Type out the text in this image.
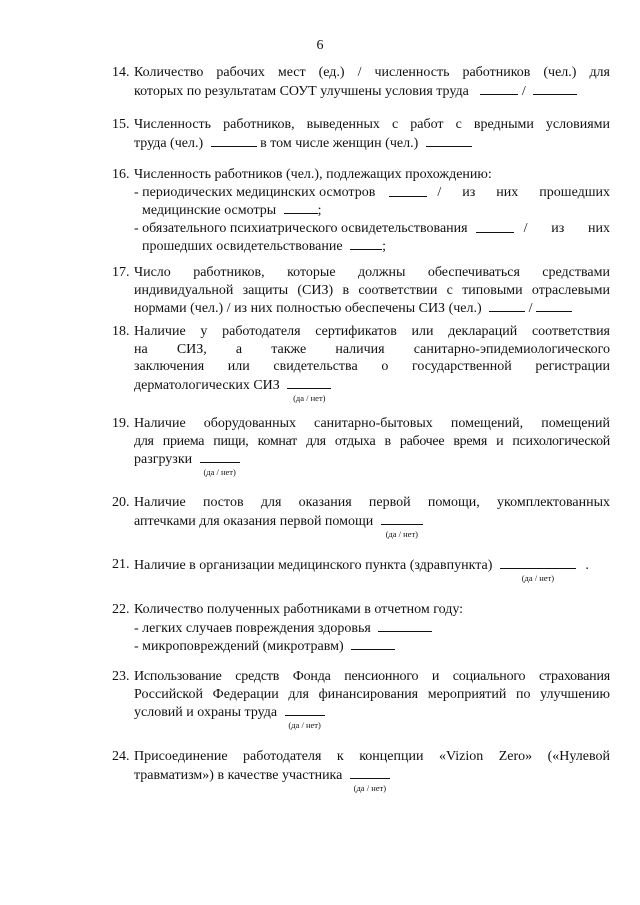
6
14. Количество рабочих мест (ед.) / численность работников (чел.) для
которых по результатам СОУТ улучшены условия труда	/
15. Численность работников, выведенных с работ с вредными условиями
труда (чел.)	в том числе женщин (чел.)
16. Численность работников (чел.), подлежащих прохождению:
- периодических медицинских осмотров	/ из них прошедших
медицинские осмотры	;
- обязательного психиатрического освидетельствования	/ из них
прошедших освидетельствование	;
17. Число работников, которые должны обеспечиваться средствами
индивидуальной защиты (СИЗ) в соответствии с типовыми отраслевыми
нормами (чел.) / из них полностью обеспечены СИЗ (чел.)	/
18. Наличие у работодателя сертификатов или деклараций соответствия
на СИЗ, а также наличия санитарно-эпидемиологического
заключения или свидетельства о государственной регистрации
дерматологических СИЗ
(да / нет)
19. Наличие оборудованных санитарно-бытовых помещений, помещений
для приема пищи, комнат для отдыха в рабочее время и психологической
разгрузки
(да / нет)
20. Наличие постов для оказания первой помощи, укомплектованных
аптечками для оказания первой помощи
(да / нет)
21. Наличие в организации медицинского пункта (здравпункта)
(да / нет)
.
22. Количество полученных работниками в отчетном году:
- легких случаев повреждения здоровья
- микроповреждений (микротравм)
23. Использование средств Фонда пенсионного и социального страхования
Российской Федерации для финансирования мероприятий по улучшению
условий и охраны труда
(да / нет)
24. Присоединение работодателя к концепции «Vizion Zero» («Нулевой
травматизм») в качестве участника
(да / нет)
